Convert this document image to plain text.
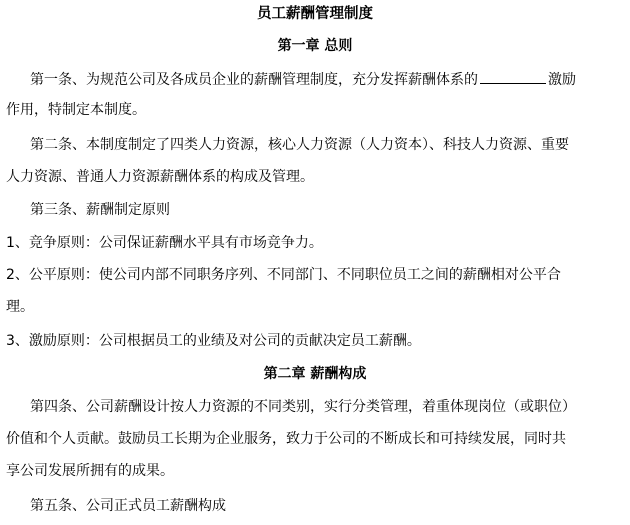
员工薪酬管理制度
第一章 总则
第一条、为规范公司及各成员企业的薪酬管理制度，充分发挥薪酬体系的	激励
作用，特制定本制度。
第二条、本制度制定了四类人力资源，核心人力资源（人力资本）、科技人力资源、重要
人力资源、普通人力资源薪酬体系的构成及管理。
第三条、薪酬制定原则
1、竞争原则：公司保证薪酬水平具有市场竞争力。
2、公平原则：使公司内部不同职务序列、不同部门、不同职位员工之间的薪酬相对公平合
理。
3、激励原则：公司根据员工的业绩及对公司的贡献决定员工薪酬。
第二章 薪酬构成
第四条、公司薪酬设计按人力资源的不同类别，实行分类管理，着重体现岗位（或职位）
价值和个人贡献。鼓励员工长期为企业服务，致力于公司的不断成长和可持续发展，同时共
享公司发展所拥有的成果。
第五条、公司正式员工薪酬构成
